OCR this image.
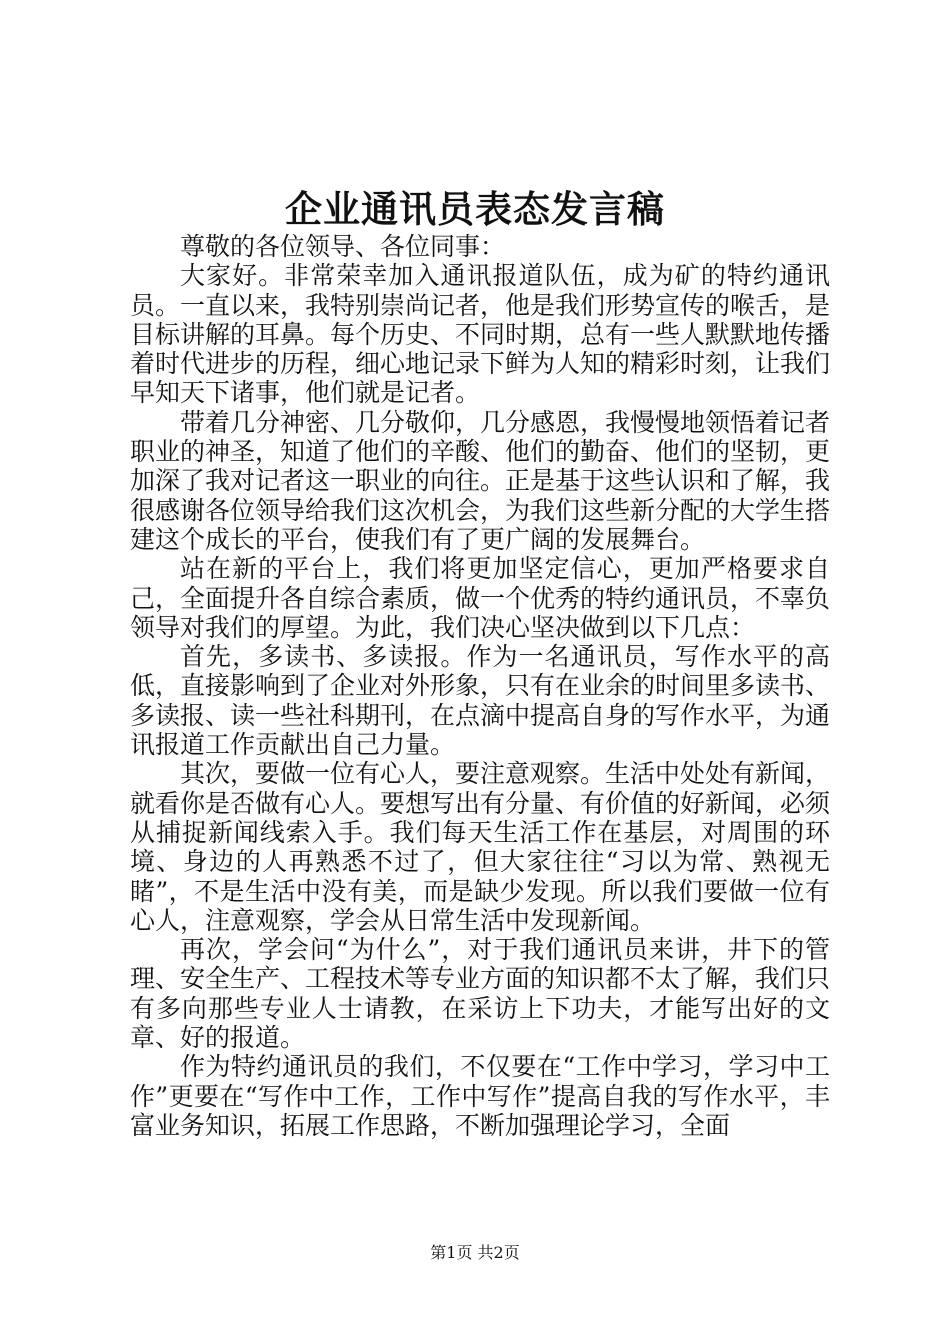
企业通讯员表态发言稿

尊敬的各位领导、各位同事：

大家好。非常荣幸加入通讯报道队伍，成为矿的特约通讯员。一直以来，我特别崇尚记者，他是我们形势宣传的喉舌，是目标讲解的耳鼻。每个历史、不同时期，总有一些人默默地传播着时代进步的历程，细心地记录下鲜为人知的精彩时刻，让我们早知天下诸事，他们就是记者。

带着几分神密、几分敬仰，几分感恩，我慢慢地领悟着记者职业的神圣，知道了他们的辛酸、他们的勤奋、他们的坚韧，更加深了我对记者这一职业的向往。正是基于这些认识和了解，我很感谢各位领导给我们这次机会，为我们这些新分配的大学生搭建这个成长的平台，使我们有了更广阔的发展舞台。

站在新的平台上，我们将更加坚定信心，更加严格要求自己，全面提升各自综合素质，做一个优秀的特约通讯员，不辜负领导对我们的厚望。为此，我们决心坚决做到以下几点：

首先，多读书、多读报。作为一名通讯员，写作水平的高低，直接影响到了企业对外形象，只有在业余的时间里多读书、多读报、读一些社科期刊，在点滴中提高自身的写作水平，为通讯报道工作贡献出自己力量。

其次，要做一位有心人，要注意观察。生活中处处有新闻，就看你是否做有心人。要想写出有分量、有价值的好新闻，必须从捕捉新闻线索入手。我们每天生活工作在基层，对周围的环境、身边的人再熟悉不过了，但大家往往“习以为常、熟视无睹”，不是生活中没有美，而是缺少发现。所以我们要做一位有心人，注意观察，学会从日常生活中发现新闻。

再次，学会问“为什么”，对于我们通讯员来讲，井下的管理、安全生产、工程技术等专业方面的知识都不太了解，我们只有多向那些专业人士请教，在采访上下功夫，才能写出好的文章、好的报道。

作为特约通讯员的我们，不仅要在“工作中学习，学习中工作”更要在“写作中工作，工作中写作”提高自我的写作水平，丰富业务知识，拓展工作思路，不断加强理论学习，全面

第1页 共2页
